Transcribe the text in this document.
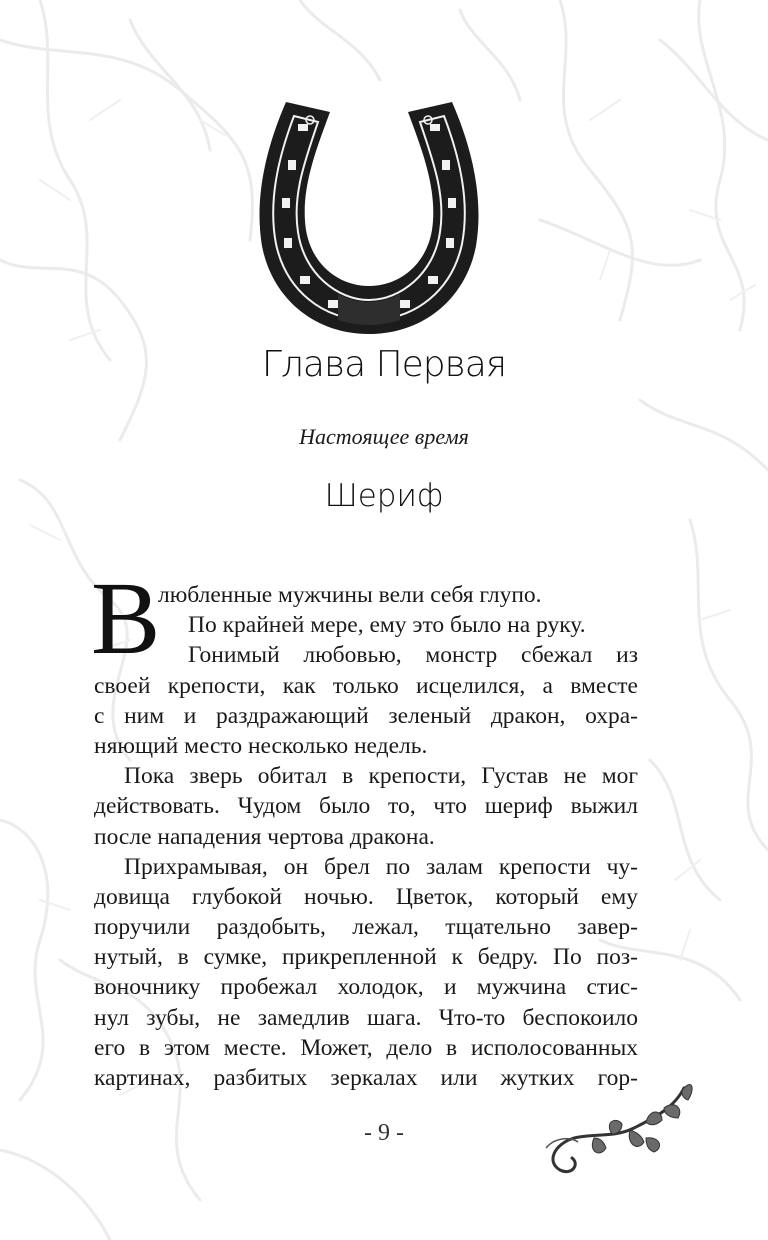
Глава Первая
Настоящее время
Шериф
В
любленные мужчины вели себя глупо.
По крайней мере, ему это было на руку.
Гонимый любовью, монстр сбежал из
своей крепости, как только исцелился, а вместе
с ним и раздражающий зеленый дракон, охра-
няющий место несколько недель.
Пока зверь обитал в крепости, Густав не мог
действовать. Чудом было то, что шериф выжил
после нападения чертова дракона.
Прихрамывая, он брел по залам крепости чу-
довища глубокой ночью. Цветок, который ему
поручили раздобыть, лежал, тщательно завер-
нутый, в сумке, прикрепленной к бедру. По поз-
воночнику пробежал холодок, и мужчина стис-
нул зубы, не замедлив шага. Что-то беспокоило
его в этом месте. Может, дело в исполосованных
картинах, разбитых зеркалах или жутких гор-
- 9 -
